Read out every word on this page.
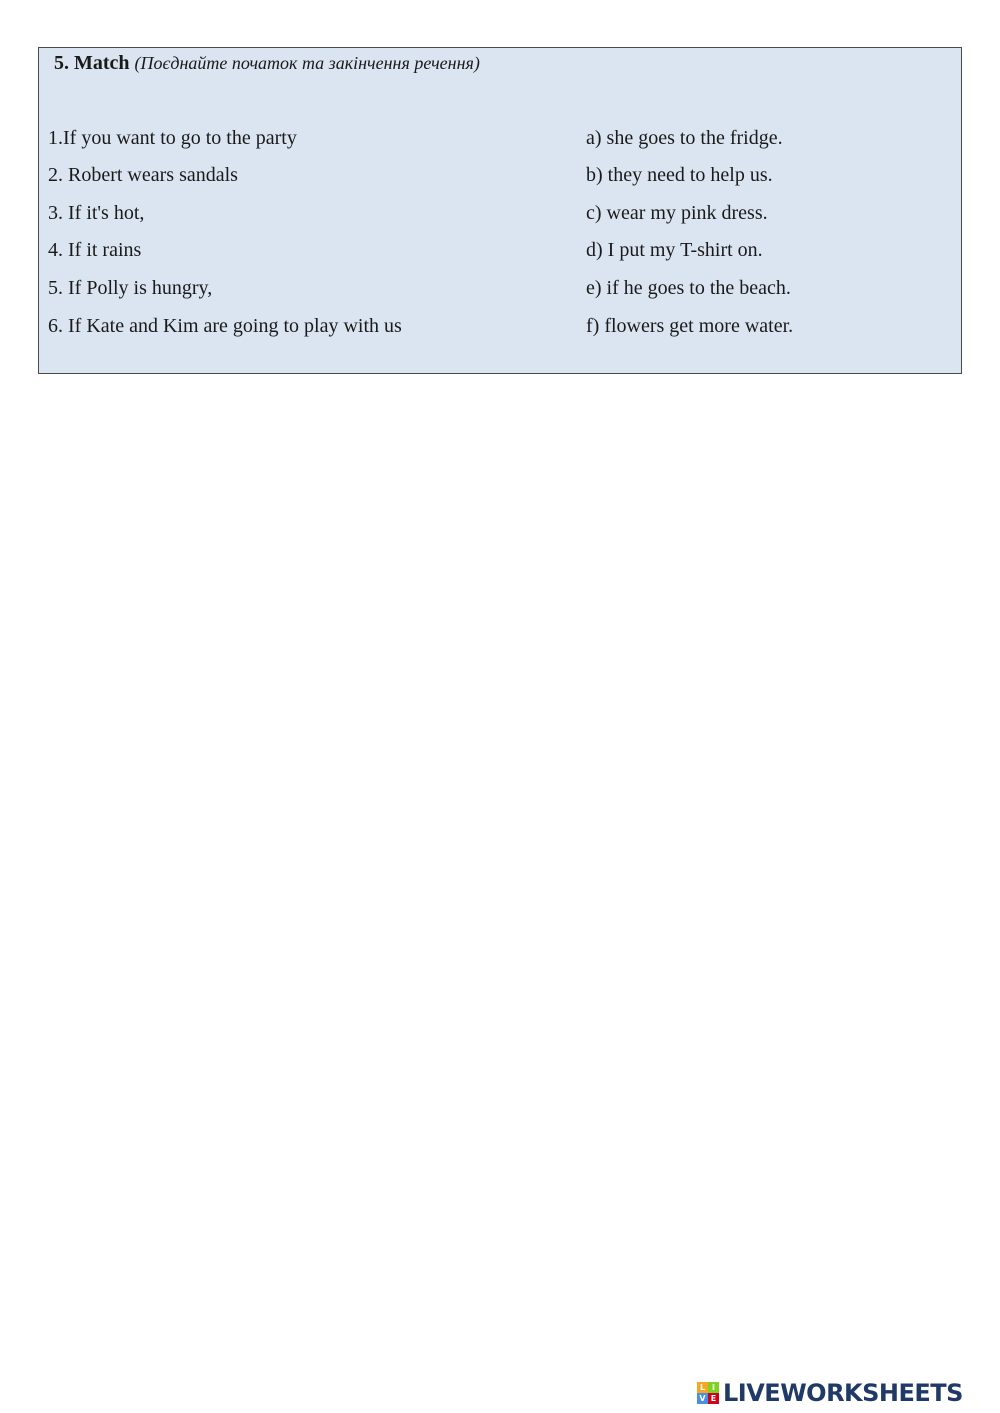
5. Match (Поєднайте початок та закінчення речення)
1.If you want to go to the party	a) she goes to the fridge.
2. Robert wears sandals	b) they need to help us.
3. If it's hot,	c) wear my pink dress.
4. If it rains	d) I put my T-shirt on.
5. If Polly is hungry,	e) if he goes to the beach.
6. If Kate and Kim are going to play with us	f) flowers get more water.
L I
V E LIVEWORKSHEETS
